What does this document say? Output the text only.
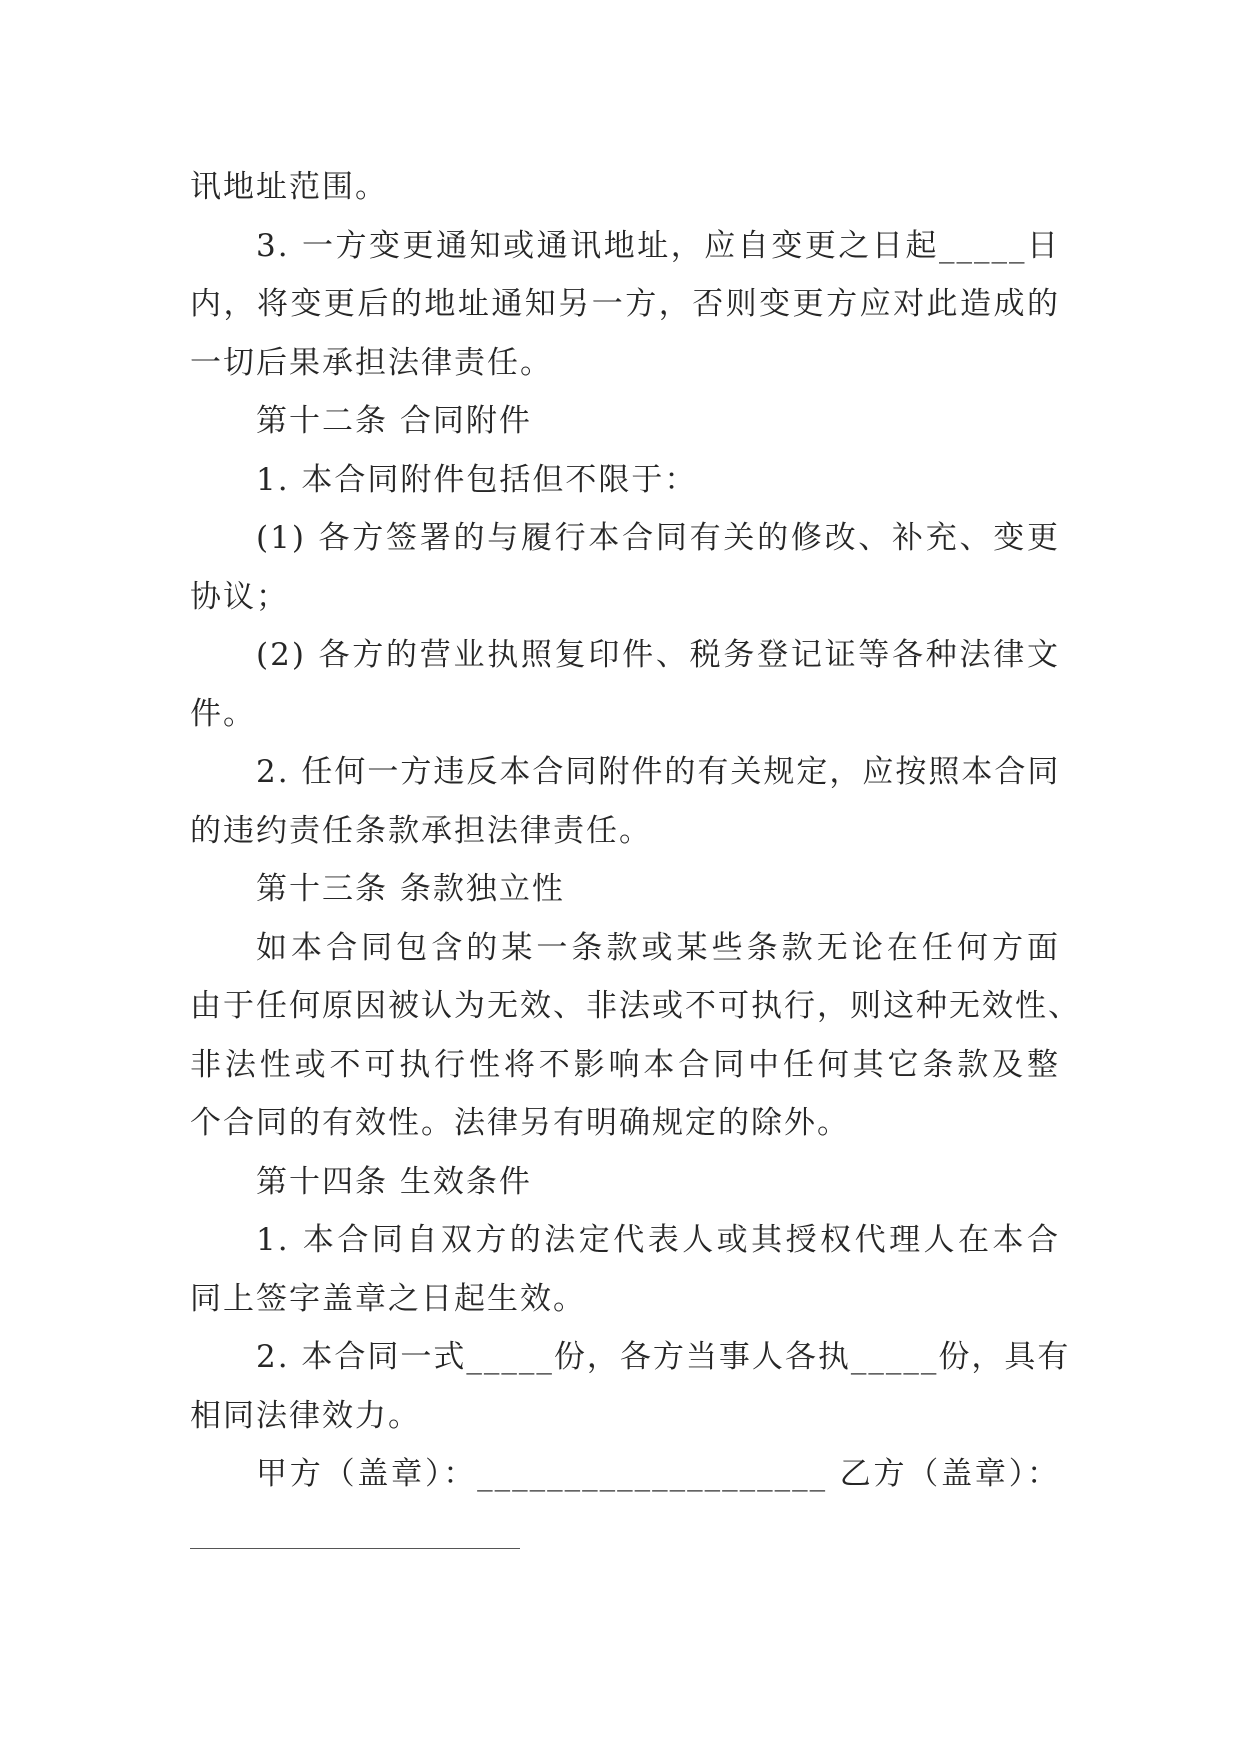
讯地址范围。
3. 一方变更通知或通讯地址，应自变更之日起_____日
内，将变更后的地址通知另一方，否则变更方应对此造成的
一切后果承担法律责任。
第十二条 合同附件
1. 本合同附件包括但不限于：
(1) 各方签署的与履行本合同有关的修改、补充、变更
协议；
(2) 各方的营业执照复印件、税务登记证等各种法律文
件。
2. 任何一方违反本合同附件的有关规定，应按照本合同
的违约责任条款承担法律责任。
第十三条 条款独立性
如本合同包含的某一条款或某些条款无论在任何方面
由于任何原因被认为无效、非法或不可执行，则这种无效性、
非法性或不可执行性将不影响本合同中任何其它条款及整
个合同的有效性。法律另有明确规定的除外。
第十四条 生效条件
1. 本合同自双方的法定代表人或其授权代理人在本合
同上签字盖章之日起生效。
2. 本合同一式_____份，各方当事人各执_____份，具有
相同法律效力。
甲方（盖章）：____________________ 乙方（盖章）：
